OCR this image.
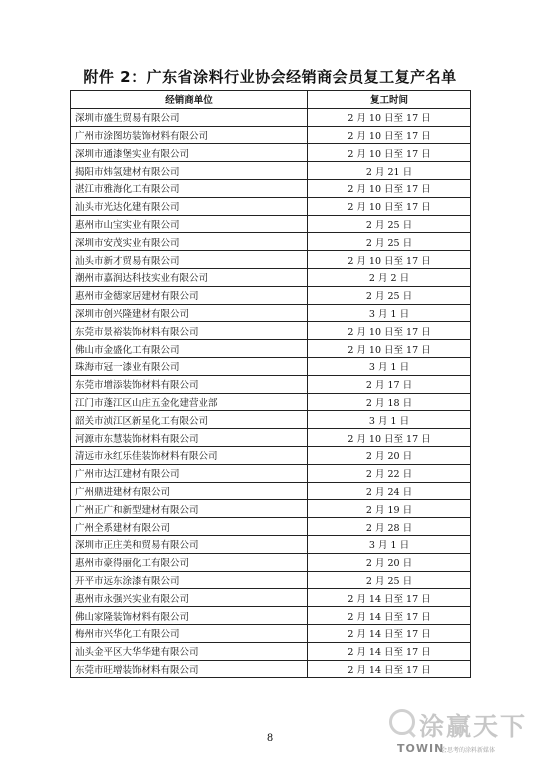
附件 2：广东省涂料行业协会经销商会员复工复产名单
经销商单位	复工时间
深圳市盛生贸易有限公司	2 月 10 日至 17 日
广州市涂图坊装饰材料有限公司	2 月 10 日至 17 日
深圳市通漆堡实业有限公司	2 月 10 日至 17 日
揭阳市炜氢建材有限公司	2 月 21 日
湛江市雅海化工有限公司	2 月 10 日至 17 日
汕头市光达化建有限公司	2 月 10 日至 17 日
惠州市山宝实业有限公司	2 月 25 日
深圳市安茂实业有限公司	2 月 25 日
汕头市新才贸易有限公司	2 月 10 日至 17 日
潮州市嘉润达科技实业有限公司	2 月 2 日
惠州市金德家居建材有限公司	2 月 25 日
深圳市创兴隆建材有限公司	3 月 1 日
东莞市景裕装饰材料有限公司	2 月 10 日至 17 日
佛山市金盛化工有限公司	2 月 10 日至 17 日
珠海市冠一漆业有限公司	3 月 1 日
东莞市增添装饰材料有限公司	2 月 17 日
江门市蓬江区山庄五金化建营业部	2 月 18 日
韶关市浈江区新星化工有限公司	3 月 1 日
河源市东慧装饰材料有限公司	2 月 10 日至 17 日
清远市永红乐佳装饰材料有限公司	2 月 20 日
广州市达江建材有限公司	2 月 22 日
广州鼎进建材有限公司	2 月 24 日
广州正广和新型建材有限公司	2 月 19 日
广州全系建材有限公司	2 月 28 日
深圳市正庄美和贸易有限公司	3 月 1 日
惠州市豪得丽化工有限公司	2 月 20 日
开平市远东涂漆有限公司	2 月 25 日
惠州市永强兴实业有限公司	2 月 14 日至 17 日
佛山家隆装饰材料有限公司	2 月 14 日至 17 日
梅州市兴华化工有限公司	2 月 14 日至 17 日
汕头金平区大华华建有限公司	2 月 14 日至 17 日
东莞市旺增装饰材料有限公司	2 月 14 日至 17 日
8	涂赢天下
TOWIN
会思考的涂料新媒体
